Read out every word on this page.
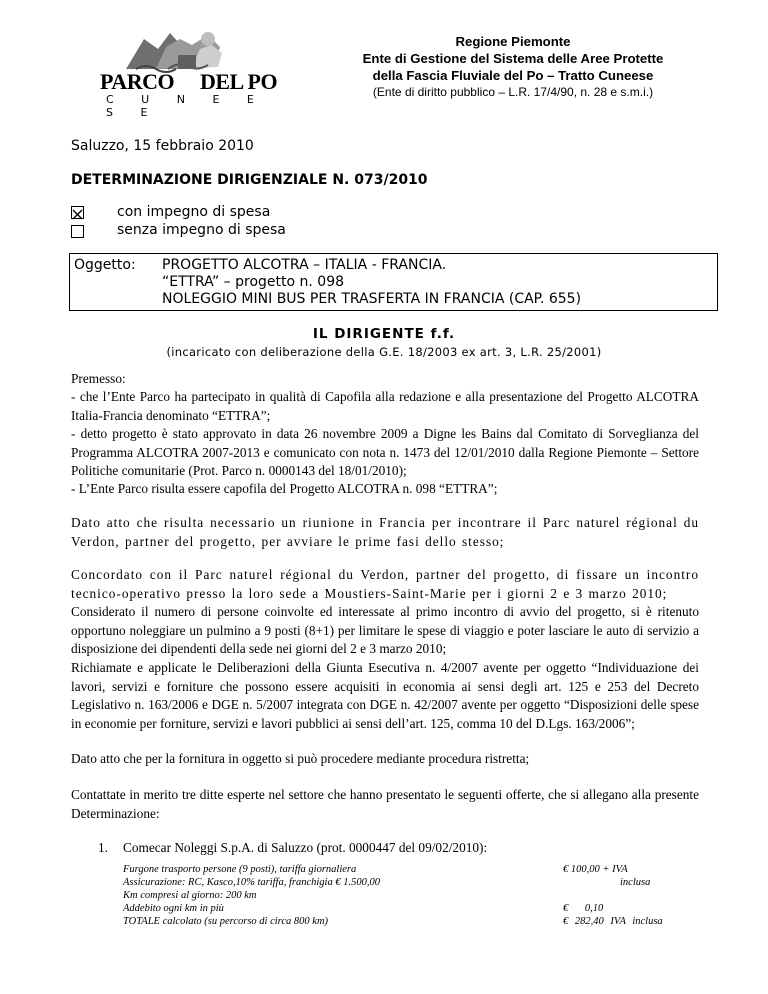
PARCO DEL PO
C U N E E S E
Regione Piemonte
Ente di Gestione del Sistema delle Aree Protette
della Fascia Fluviale del Po – Tratto Cuneese
(Ente di diritto pubblico – L.R. 17/4/90, n. 28 e s.m.i.)
Saluzzo, 15 febbraio 2010
DETERMINAZIONE DIRIGENZIALE N. 073/2010
con impegno di spesa
senza impegno di spesa
Oggetto: PROGETTO ALCOTRA – ITALIA - FRANCIA.
“ETTRA” – progetto n. 098
NOLEGGIO MINI BUS PER TRASFERTA IN FRANCIA (CAP. 655)
IL DIRIGENTE f.f.
(incaricato con deliberazione della G.E. 18/2003 ex art. 3, L.R. 25/2001)
Premesso:
- che l’Ente Parco ha partecipato in qualità di Capofila alla redazione e alla presentazione del Progetto ALCOTRA Italia-Francia denominato “ETTRA”;
- detto progetto è stato approvato in data 26 novembre 2009 a Digne les Bains dal Comitato di Sorveglianza del Programma ALCOTRA 2007-2013 e comunicato con nota n. 1473 del 12/01/2010 dalla Regione Piemonte – Settore Politiche comunitarie (Prot. Parco n. 0000143 del 18/01/2010);
- L’Ente Parco risulta essere capofila del Progetto ALCOTRA n. 098 “ETTRA”;
Dato atto che risulta necessario un riunione in Francia per incontrare il Parc naturel régional du Verdon, partner del progetto, per avviare le prime fasi dello stesso;
Concordato con il Parc naturel régional du Verdon, partner del progetto, di fissare un incontro tecnico-operativo presso la loro sede a Moustiers-Saint-Marie per i giorni 2 e 3 marzo 2010;
Considerato il numero di persone coinvolte ed interessate al primo incontro di avvio del progetto, si è ritenuto opportuno noleggiare un pulmino a 9 posti (8+1) per limitare le spese di viaggio e poter lasciare le auto di servizio a disposizione dei dipendenti della sede nei giorni del 2 e 3 marzo 2010;
Richiamate e applicate le Deliberazioni della Giunta Esecutiva n. 4/2007 avente per oggetto “Individuazione dei lavori, servizi e forniture che possono essere acquisiti in economia ai sensi degli art. 125 e 253 del Decreto Legislativo n. 163/2006 e DGE n. 5/2007 integrata con DGE n. 42/2007 avente per oggetto “Disposizioni delle spese in economie per forniture, servizi e lavori pubblici ai sensi dell’art. 125, comma 10 del D.Lgs. 163/2006”;
Dato atto che per la fornitura in oggetto si può procedere mediante procedura ristretta;
Contattate in merito tre ditte esperte nel settore che hanno presentato le seguenti offerte, che si allegano alla presente Determinazione:
1. Comecar Noleggi S.p.A. di Saluzzo (prot. 0000447 del 09/02/2010):
Furgone trasporto persone (9 posti), tariffa giornaliera
Assicurazione: RC, Kasco,10% tariffa, franchigia € 1.500,00
Km compresi al giorno: 200 km
Addebito ogni km in più
TOTALE calcolato (su percorso di circa 800 km)
€ 100,00 + IVA
inclusa
€ 0,10
€ 282,40 IVA inclusa
